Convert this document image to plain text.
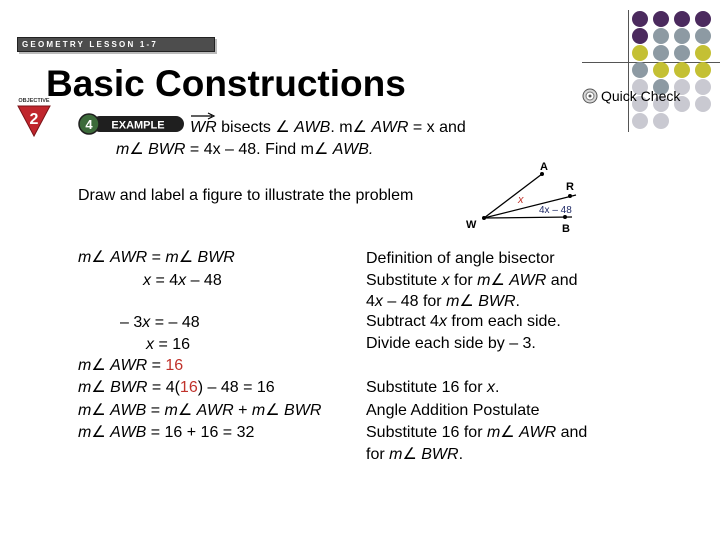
GEOMETRY LESSON 1-7
OBJECTIVE
2
Basic Constructions	Quick Check
4 EXAMPLE WR bisects ∠ AWB. m∠ AWR = x and
m∠ BWR = 4x – 48. Find m∠ AWB.
Draw and label a figure to illustrate the problem
A
R
B
W
x
4x – 48
m∠ AWR = m∠ BWR
x = 4x – 48
– 3x = – 48
x = 16
m∠ AWR = 16
m∠ BWR = 4(16) – 48 = 16
m∠ AWB = m∠ AWR + m∠ BWR
m∠ AWB = 16 + 16 = 32
Definition of angle bisector
Substitute x for m∠ AWR and
4x – 48 for m∠ BWR.
Subtract 4x from each side.
Divide each side by – 3.
Substitute 16 for x.
Angle Addition Postulate
Substitute 16 for m∠ AWR and
for m∠ BWR.
